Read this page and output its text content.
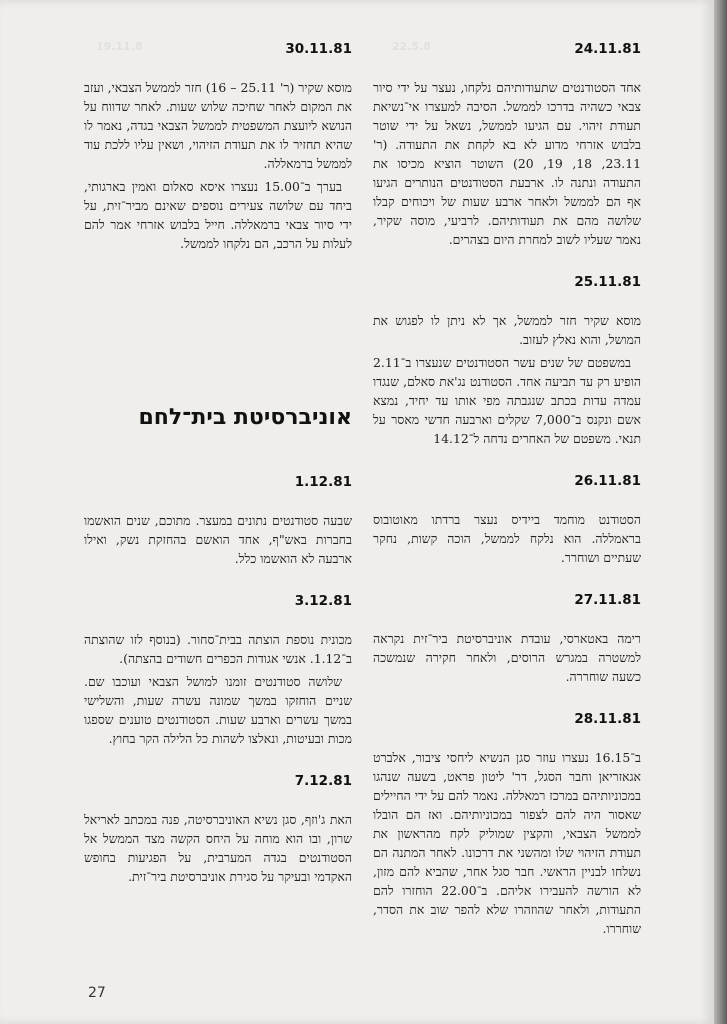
22.5.8
19.11.8	24.11.81

אחד הסטודנטים שתעודותיהם נלקחו, נעצר על ידי סיור צבאי כשהיה בדרכו לממשל. הסיבה למעצרו אי־נשיאת תעודת זיהוי. עם הגיעו לממשל, נשאל על ידי שוטר בלבוש אזרחי מדוע לא בא לקחת את התעודה. (ר' 23.11, 18, 19, 20) השוטר הוציא מכיסו את התעודה ונתנה לו. ארבעת הסטודנטים הנותרים הגיעו אף הם לממשל ולאחר ארבע שעות של ויכוחים קבלו שלושה מהם את תעודותיהם. לרביעי, מוסה שקיר, נאמר שעליו לשוב למחרת היום בצהרים.

25.11.81

מוסא שקיר חזר לממשל, אך לא ניתן לו לפגוש את המושל, והוא נאלץ לעזוב.

במשפטם של שנים עשר הסטודנטים שנעצרו ב־2.11 הופיע רק עד תביעה אחד. הסטודנט נג'את סאלם, שנגדו עמדה עדות בכתב שנגבתה מפי אותו עד יחיד, נמצא אשם ונקנס ב־7,000 שקלים וארבעה חדשי מאסר על תנאי. משפטם של האחרים נדחה ל־14.12

26.11.81

הסטודנט מוחמד ביידיס נעצר ברדתו מאוטובוס בראמללה. הוא נלקח לממשל, הוכה קשות, נחקר שעתיים ושוחרר.

27.11.81

רימה באטארסי, עובדת אוניברסיטת ביר־זית נקראה למשטרה במגרש הרוסים, ולאחר חקירה שנמשכה כשעה שוחררה.

28.11.81

ב־16.15 נעצרו עוזר סגן הנשיא ליחסי ציבור, אלברט אגאזריאן וחבר הסגל, דר' ליטון פראט, בשעה שנהגו במכוניותיהם במרכז רמאללה. נאמר להם על ידי החיילים שאסור היה להם לצפור במכוניותיהם. ואז הם הובלו לממשל הצבאי, והקצין שמוליק לקח מהראשון את תעודת הזיהוי שלו ומהשני את דרכונו. לאחר המתנה הם נשלחו לבניין הראשי. חבר סגל אחר, שהביא להם מזון, לא הורשה להעבירו אליהם. ב־22.00 הוחזרו להם התעודות, ולאחר שהוזהרו שלא להפר שוב את הסדר, שוחררו.

30.11.81

מוסא שקיר (ר' 25.11 – 16) חזר לממשל הצבאי, ועזב את המקום לאחר שחיכה שלוש שעות. לאחר שדווח על הנושא ליועצת המשפטית לממשל הצבאי בגדה, נאמר לו שהיא תחזיר לו את תעודת הזיהוי, ושאין עליו ללכת עוד לממשל ברמאללה.

בערך ב־15.00 נעצרו איסא סאלום ואמין בארגותי, ביחד עם שלושה צעירים נוספים שאינם מביר־זית, על ידי סיור צבאי ברמאללה. חייל בלבוש אזרחי אמר להם לעלות על הרכב, הם נלקחו לממשל.

אוניברסיטת בית־לחם
1.12.81

שבעה סטודנטים נתונים במעצר. מתוכם, שנים הואשמו בחברות באש"ף, אחד הואשם בהחזקת נשק, ואילו ארבעה לא הואשמו כלל.

3.12.81

מכונית נוספת הוצתה בבית־סחור. (בנוסף לזו שהוצתה ב־1.12. אנשי אגודות הכפרים חשודים בהצתה).

שלושה סטודנטים זומנו למושל הצבאי ועוכבו שם. שניים הוחזקו במשך שמונה עשרה שעות, והשלישי במשך עשרים וארבע שעות. הסטודנטים טוענים שספגו מכות ובעיטות, ונאלצו לשהות כל הלילה הקר בחוץ.

7.12.81

האת ג'וזף, סגן נשיא האוניברסיטה, פנה במכתב לאריאל שרון, ובו הוא מוחה על היחס הקשה מצד הממשל אל הסטודנטים בגדה המערבית, על הפגיעות בחופש האקדמי ובעיקר על סגירת אוניברסיטת ביר־זית.

27
